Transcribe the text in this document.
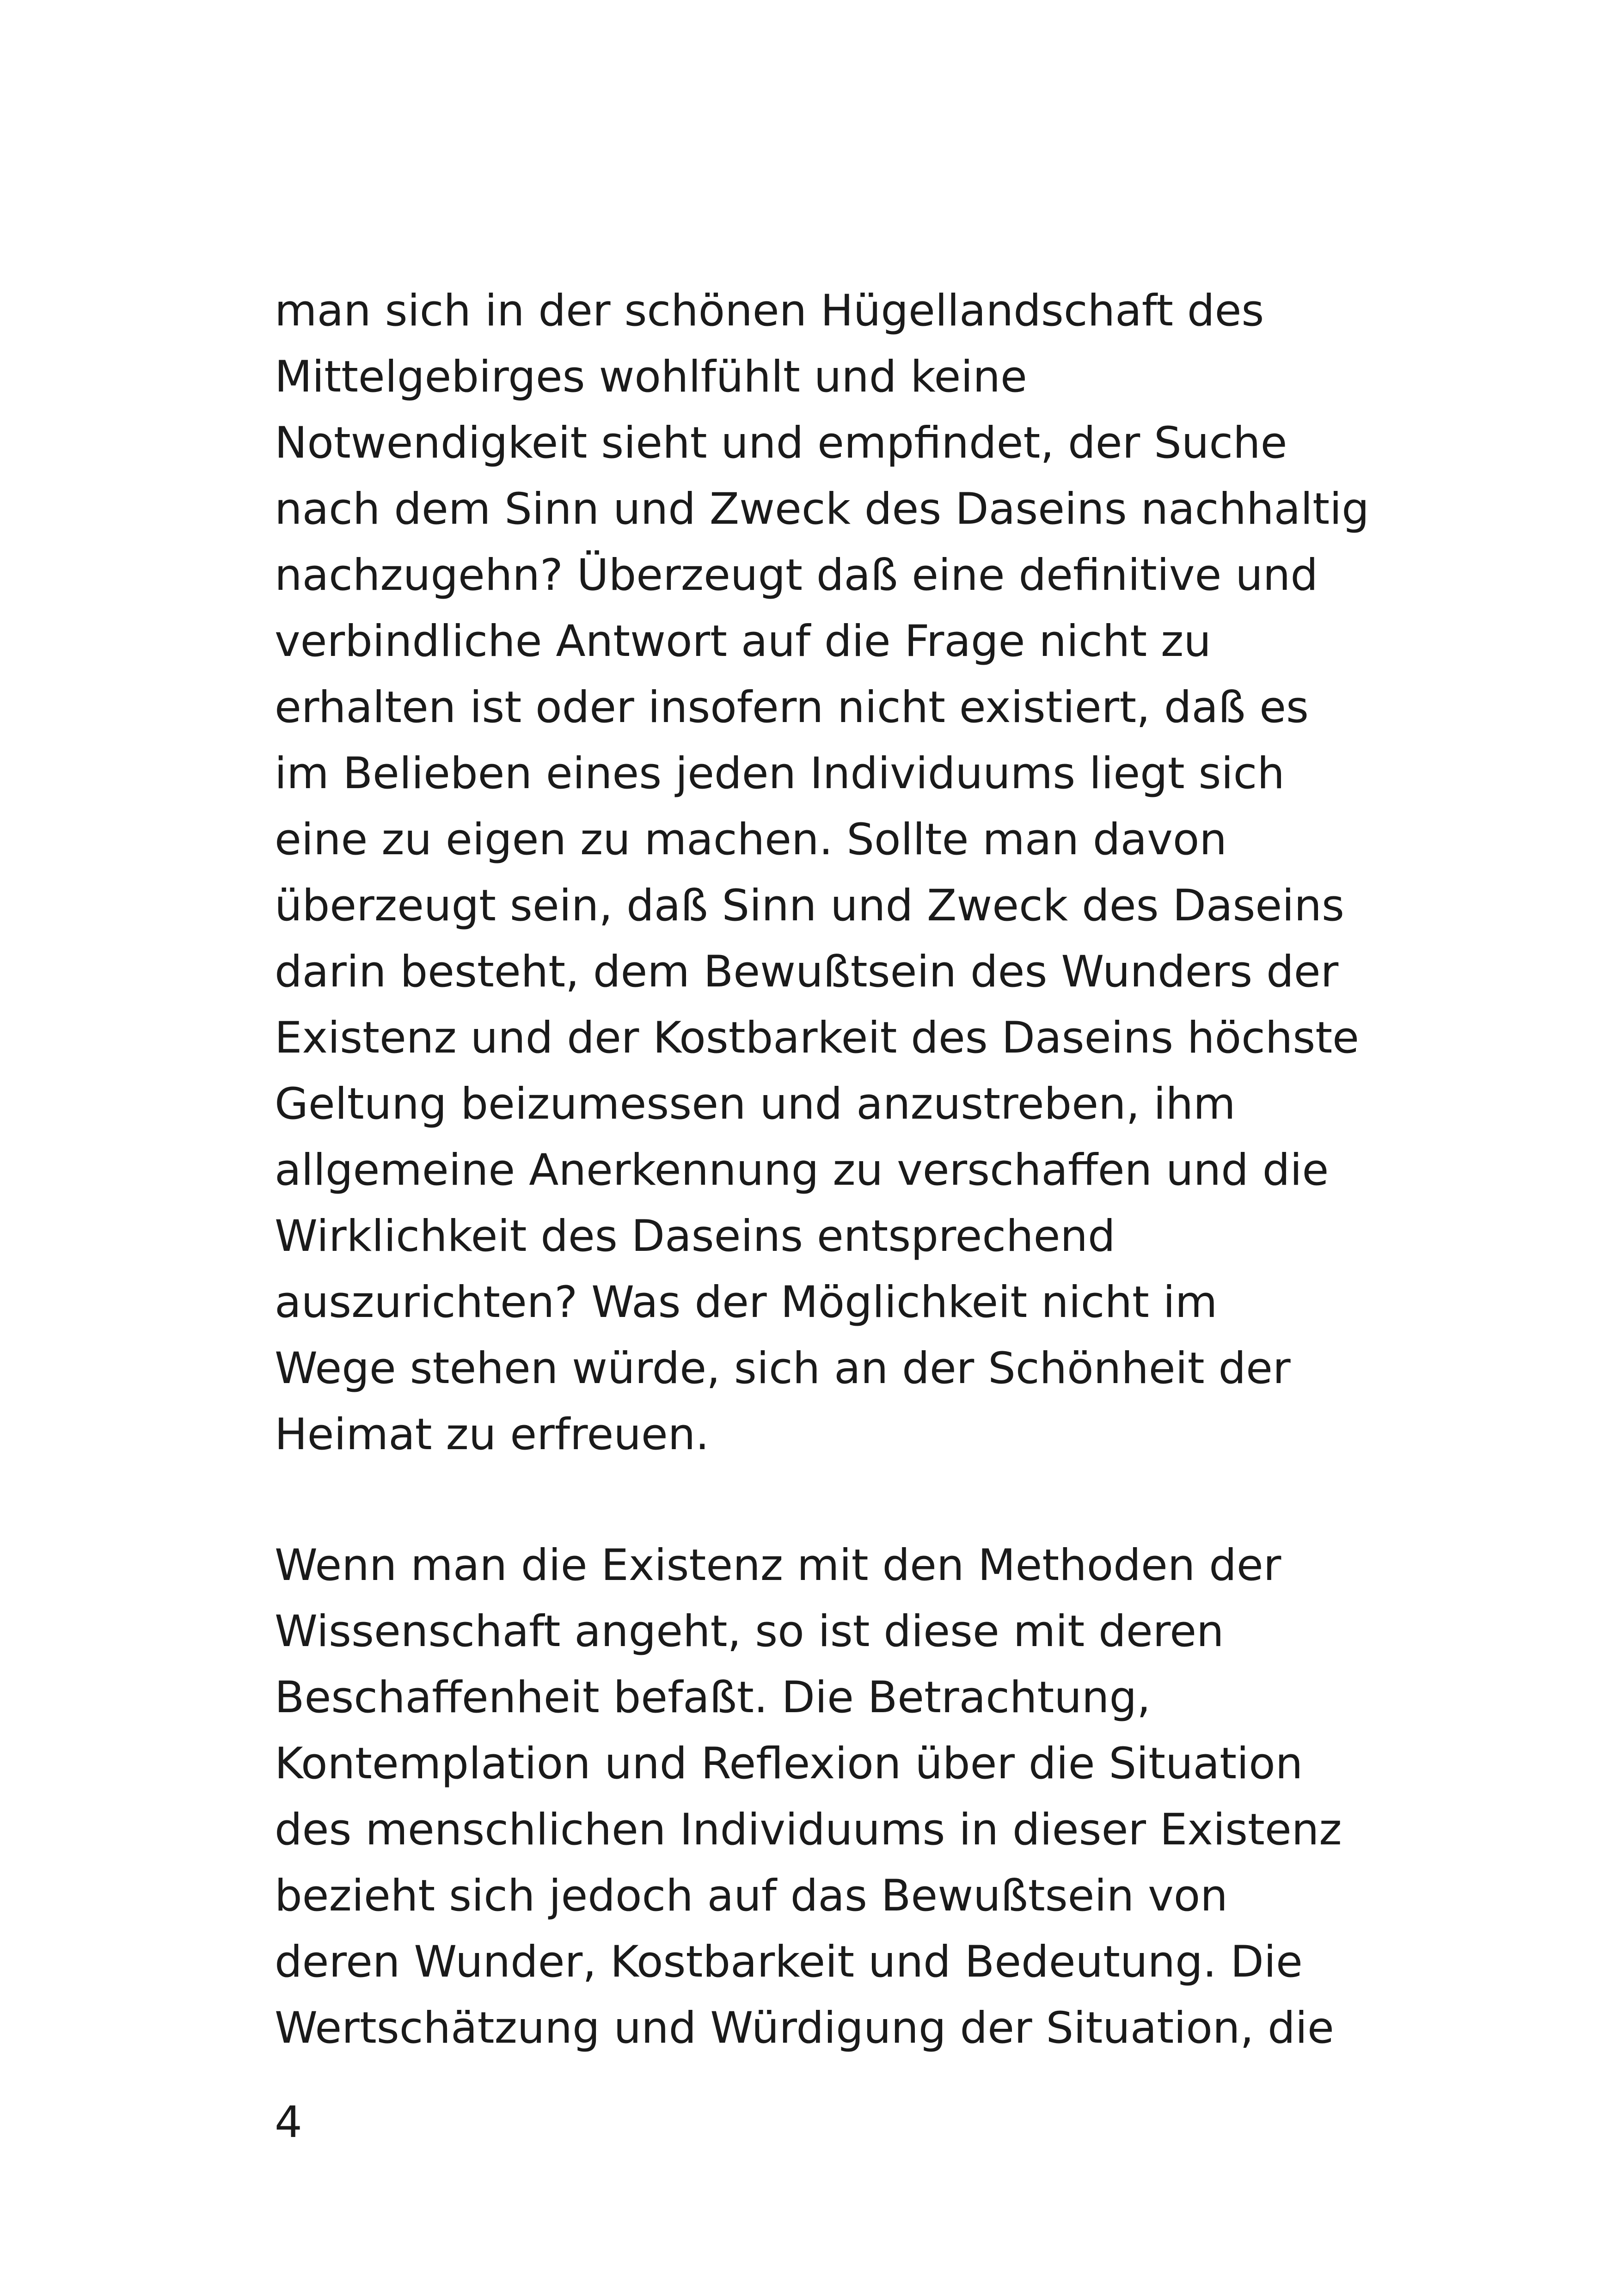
man sich in der schönen Hügellandschaft des
Mittelgebirges wohlfühlt und keine
Notwendigkeit sieht und empfindet, der Suche
nach dem Sinn und Zweck des Daseins nachhaltig
nachzugehn? Überzeugt daß eine definitive und
verbindliche Antwort auf die Frage nicht zu
erhalten ist oder insofern nicht existiert, daß es
im Belieben eines jeden Individuums liegt sich
eine zu eigen zu machen. Sollte man davon
überzeugt sein, daß Sinn und Zweck des Daseins
darin besteht, dem Bewußtsein des Wunders der
Existenz und der Kostbarkeit des Daseins höchste
Geltung beizumessen und anzustreben, ihm
allgemeine Anerkennung zu verschaffen und die
Wirklichkeit des Daseins entsprechend
auszurichten? Was der Möglichkeit nicht im
Wege stehen würde, sich an der Schönheit der
Heimat zu erfreuen.
Wenn man die Existenz mit den Methoden der
Wissenschaft angeht, so ist diese mit deren
Beschaffenheit befaßt. Die Betrachtung,
Kontemplation und Reflexion über die Situation
des menschlichen Individuums in dieser Existenz
bezieht sich jedoch auf das Bewußtsein von
deren Wunder, Kostbarkeit und Bedeutung. Die
Wertschätzung und Würdigung der Situation, die
4
